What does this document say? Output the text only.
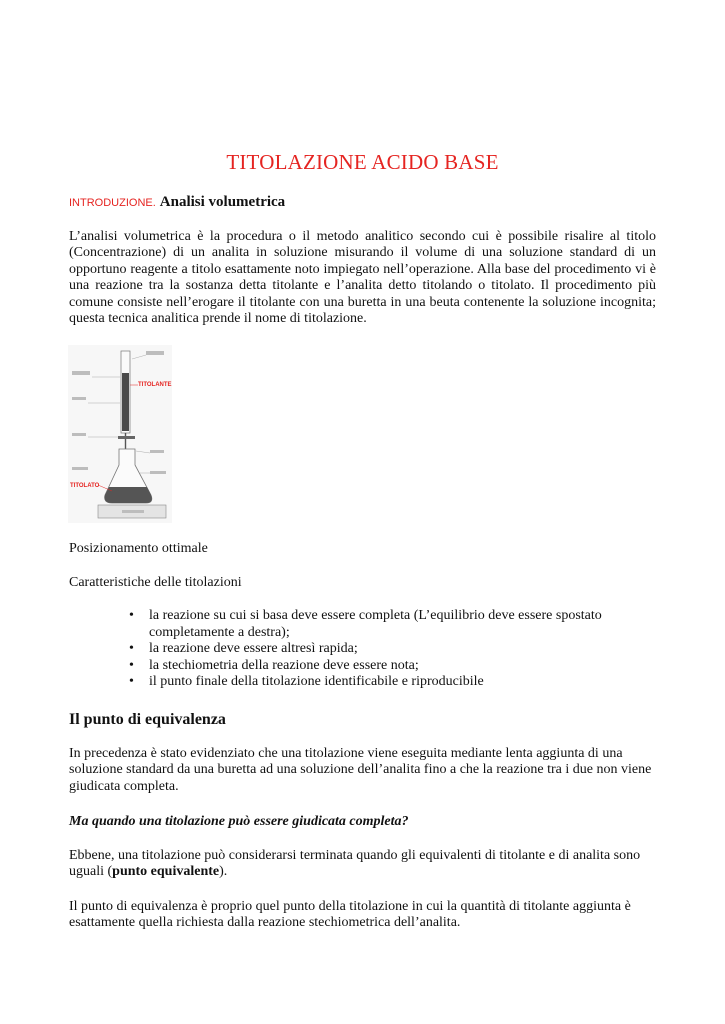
TITOLAZIONE ACIDO BASE
INTRODUZIONE. Analisi volumetrica

L’analisi volumetrica è la procedura o il metodo analitico secondo cui è possibile risalire al titolo (Concentrazione) di un analita in soluzione misurando il volume di una soluzione standard di un opportuno reagente a titolo esattamente noto impiegato nell’operazione. Alla base del procedimento vi è una reazione tra la sostanza detta titolante e l’analita detto titolando o titolato. Il procedimento più comune consiste nell’erogare il titolante con una buretta in una beuta contenente la soluzione incognita; questa tecnica analitica prende il nome di titolazione.

TITOLANTE
TITOLATO
Posizionamento ottimale
Caratteristiche delle titolazioni
• la reazione su cui si basa deve essere completa (L’equilibrio deve essere spostato completamente a destra);
• la reazione deve essere altresì rapida;
• la stechiometria della reazione deve essere nota;
• il punto finale della titolazione identificabile e riproducibile
Il punto di equivalenza

In precedenza è stato evidenziato che una titolazione viene eseguita mediante lenta aggiunta di una soluzione standard da una buretta ad una soluzione dell’analita fino a che la reazione tra i due non viene giudicata completa.

Ma quando una titolazione può essere giudicata completa?

Ebbene, una titolazione può considerarsi terminata quando gli equivalenti di titolante e di analita sono uguali (punto equivalente).

Il punto di equivalenza è proprio quel punto della titolazione in cui la quantità di titolante aggiunta è esattamente quella richiesta dalla reazione stechiometrica dell’analita.
